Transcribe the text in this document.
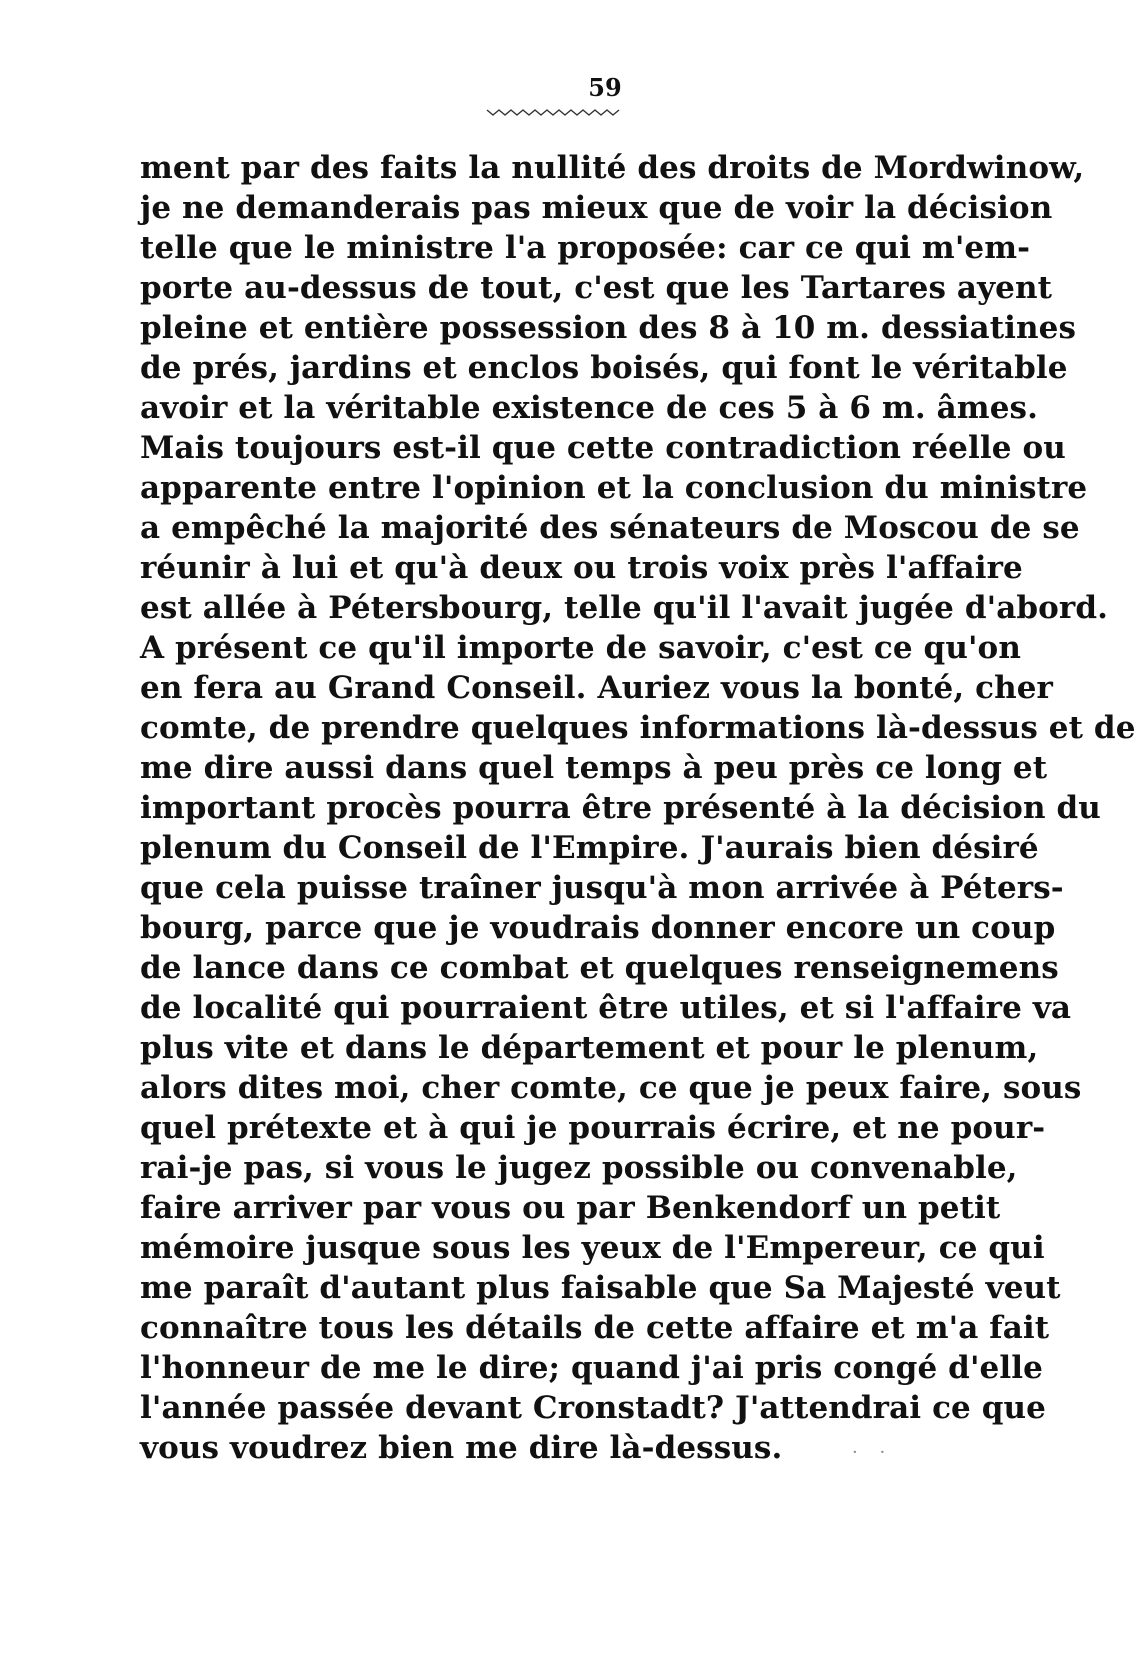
59
ment par des faits la nullité des droits de Mordwinow,
je ne demanderais pas mieux que de voir la décision
telle que le ministre l'a proposée: car ce qui m'em-
porte au-dessus de tout, c'est que les Tartares ayent
pleine et entière possession des 8 à 10 m. dessiatines
de prés, jardins et enclos boisés, qui font le véritable
avoir et la véritable existence de ces 5 à 6 m. âmes.
Mais toujours est-il que cette contradiction réelle ou
apparente entre l'opinion et la conclusion du ministre
a empêché la majorité des sénateurs de Moscou de se
réunir à lui et qu'à deux ou trois voix près l'affaire
est allée à Pétersbourg, telle qu'il l'avait jugée d'abord.
A présent ce qu'il importe de savoir, c'est ce qu'on
en fera au Grand Conseil. Auriez vous la bonté, cher
comte, de prendre quelques informations là-dessus et de
me dire aussi dans quel temps à peu près ce long et
important procès pourra être présenté à la décision du
plenum du Conseil de l'Empire. J'aurais bien désiré
que cela puisse traîner jusqu'à mon arrivée à Péters-
bourg, parce que je voudrais donner encore un coup
de lance dans ce combat et quelques renseignemens
de localité qui pourraient être utiles, et si l'affaire va
plus vite et dans le département et pour le plenum,
alors dites moi, cher comte, ce que je peux faire, sous
quel prétexte et à qui je pourrais écrire, et ne pour-
rai-je pas, si vous le jugez possible ou convenable,
faire arriver par vous ou par Benkendorf un petit
mémoire jusque sous les yeux de l'Empereur, ce qui
me paraît d'autant plus faisable que Sa Majesté veut
connaître tous les détails de cette affaire et m'a fait
l'honneur de me le dire; quand j'ai pris congé d'elle
l'année passée devant Cronstadt? J'attendrai ce que
vous voudrez bien me dire là-dessus.	· ·
